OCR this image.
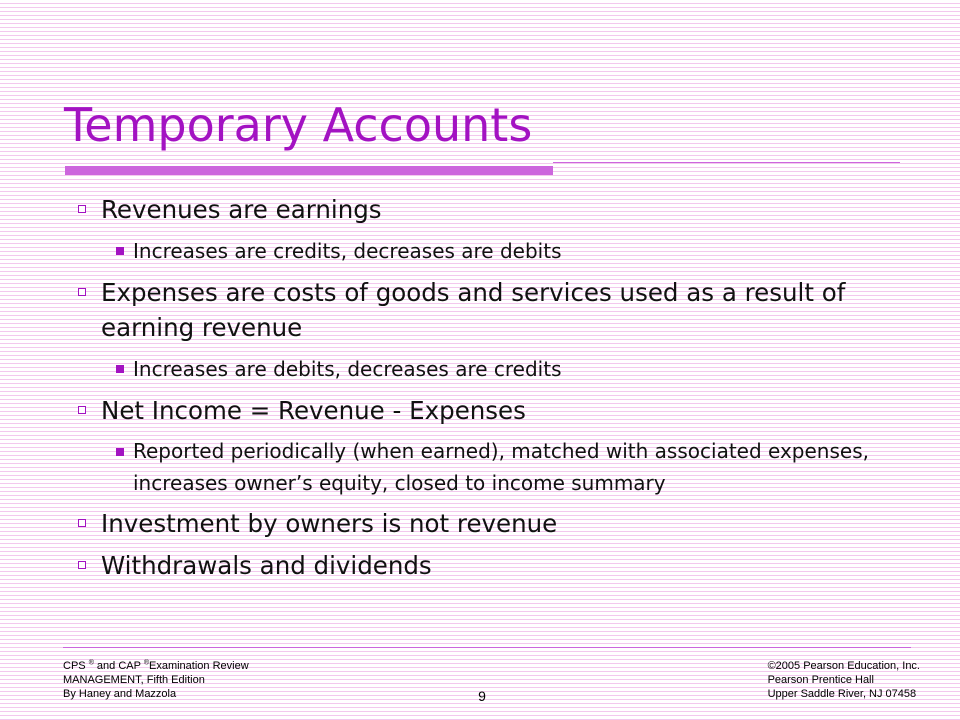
Temporary Accounts
Revenues are earnings
Increases are credits, decreases are debits
Expenses are costs of goods and services used as a result of earning revenue
Increases are debits, decreases are credits
Net Income = Revenue - Expenses
Reported periodically (when earned), matched with associated expenses, increases owner’s equity, closed to income summary
Investment by owners is not revenue
Withdrawals and dividends
CPS ® and CAP ®Examination Review
MANAGEMENT, Fifth Edition
By Haney and Mazzola	9
©2005 Pearson Education, Inc.
Pearson Prentice Hall
Upper Saddle River, NJ 07458
